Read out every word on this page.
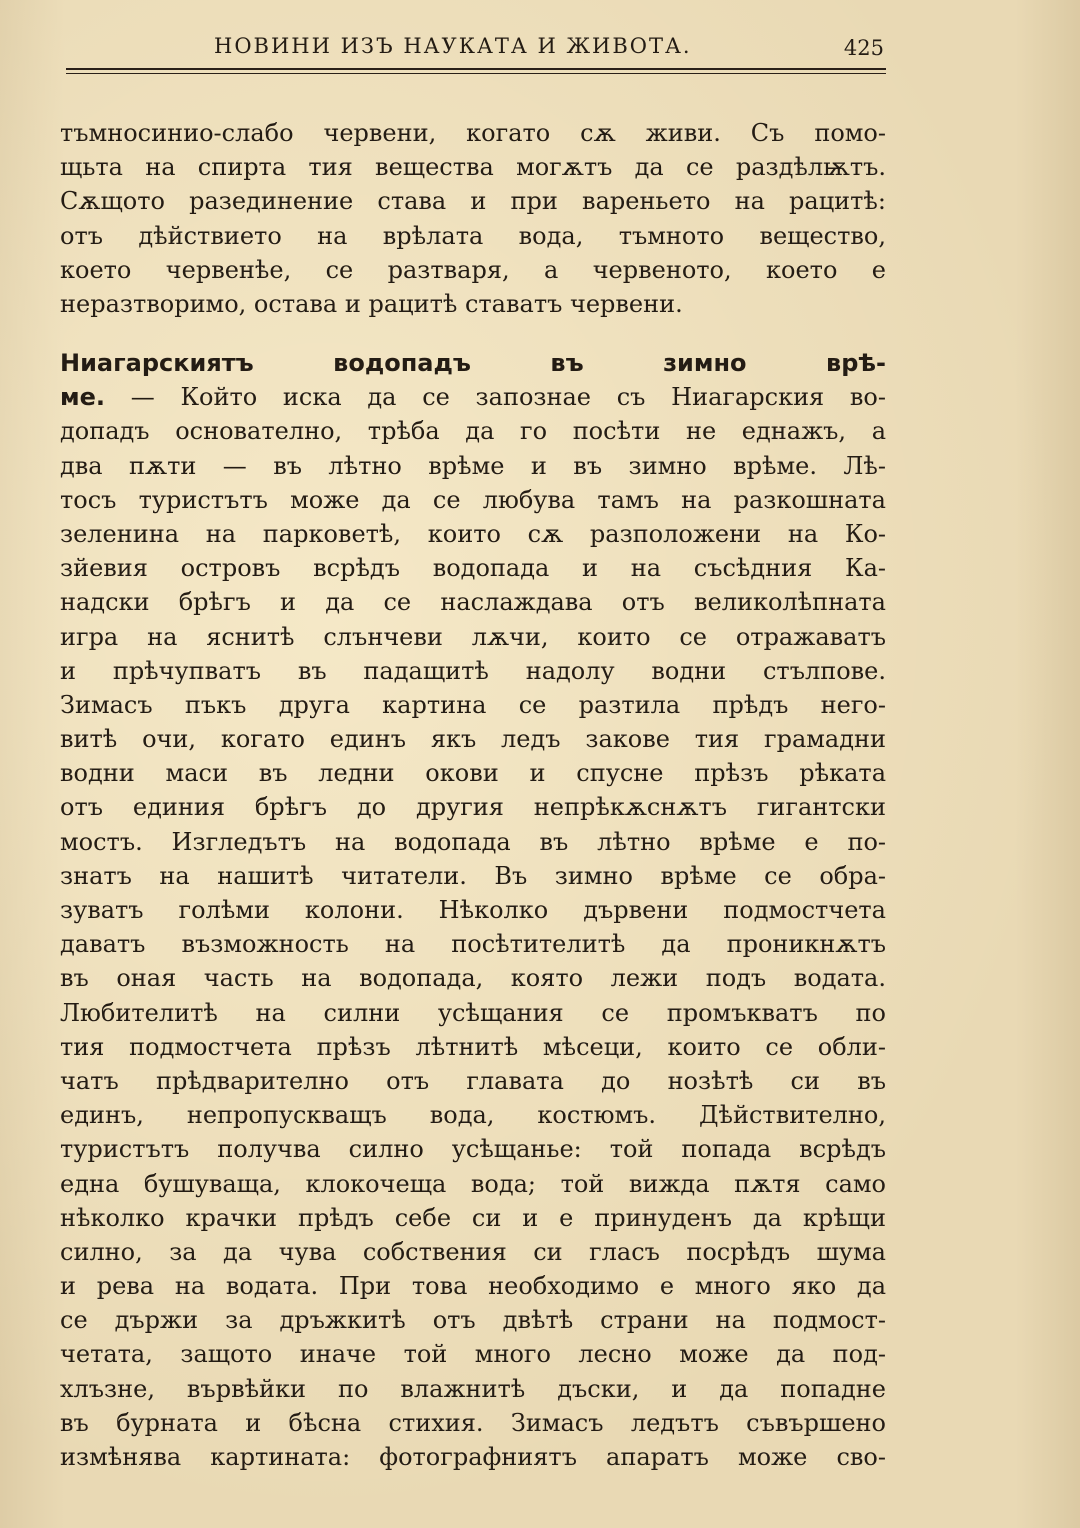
НОВИНИ ИЗЪ НАУКАТА И ЖИВОТА.	425
тъмносинио-слабо червени, когато сѫ живи. Съ помо-
щьта на спирта тия вещества могѫтъ да се раздѣлѭтъ.
Сѫщото разединение става и при вареньето на рацитѣ:
отъ дѣйствието на врѣлата вода, тъмното вещество,
което червенѣе, се разтваря, а червеното, което е
неразтворимо, остава и рацитѣ ставатъ червени.
Ниагарскиятъ водопадъ въ зимно врѣ-
ме. — Който иска да се запознае съ Ниагарския во-
допадъ основателно, трѣба да го посѣти не еднажъ, а
два пѫти — въ лѣтно врѣме и въ зимно врѣме. Лѣ-
тосъ туристътъ може да се любува тамъ на разкошната
зеленина на парковетѣ, които сѫ разположени на Ко-
зйевия островъ всрѣдъ водопада и на съсѣдния Ка-
надски брѣгъ и да се наслаждава отъ великолѣпната
игра на яснитѣ слънчеви лѫчи, които се отражаватъ
и прѣчупватъ въ падащитѣ надолу водни стълпове.
Зимасъ пъкъ друга картина се разтила прѣдъ него-
витѣ очи, когато единъ якъ ледъ закове тия грамадни
водни маси въ ледни окови и спусне прѣзъ рѣката
отъ единия брѣгъ до другия непрѣкѫснѫтъ гигантски
мостъ. Изгледътъ на водопада въ лѣтно врѣме е по-
знатъ на нашитѣ читатели. Въ зимно врѣме се обра-
зуватъ голѣми колони. Нѣколко дървени подмостчета
даватъ възможность на посѣтителитѣ да проникнѫтъ
въ оная часть на водопада, която лежи подъ водата.
Любителитѣ на силни усѣщания се промъкватъ по
тия подмостчета прѣзъ лѣтнитѣ мѣсеци, които се обли-
чатъ прѣдварително отъ главата до нозѣтѣ си въ
единъ, непропускващъ вода, костюмъ. Дѣйствително,
туристътъ получва силно усѣщанье: той попада всрѣдъ
една бушуваща, клокочеща вода; той вижда пѫтя само
нѣколко крачки прѣдъ себе си и е принуденъ да крѣщи
силно, за да чува собствения си гласъ посрѣдъ шума
и рева на водата. При това необходимо е много яко да
се държи за дръжкитѣ отъ двѣтѣ страни на подмост-
четата, защото иначе той много лесно може да под-
хлъзне, вървѣйки по влажнитѣ дъски, и да попадне
въ бурната и бѣсна стихия. Зимасъ ледътъ съвършено
измѣнява картината: фотографниятъ апаратъ може сво-
